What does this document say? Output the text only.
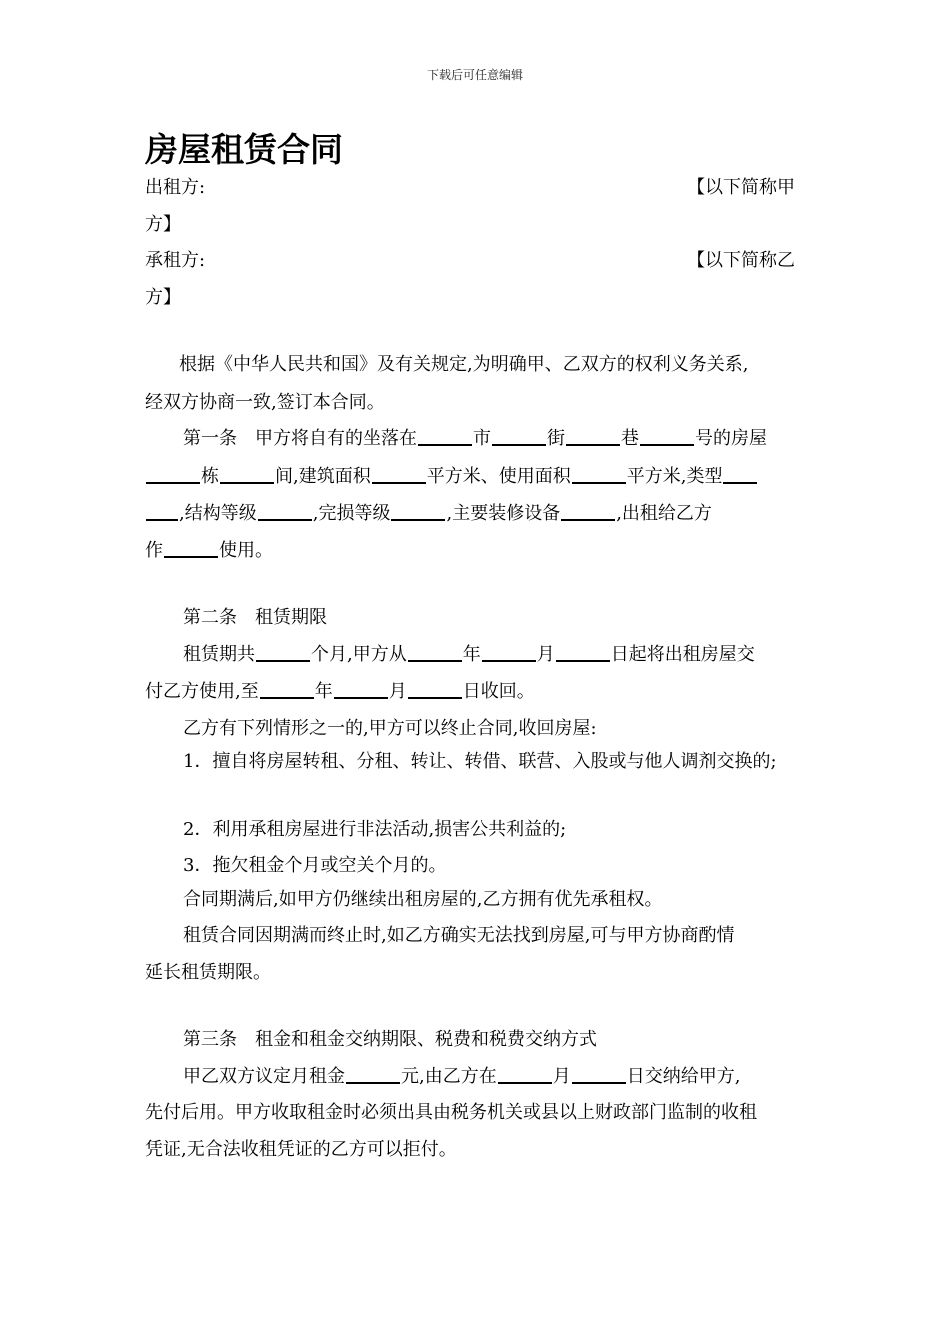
下载后可任意编辑
房屋租赁合同
出租方:	【以下简称甲
方】
承租方:	【以下简称乙
方】
根据《中华人民共和国》及有关规定,为明确甲、乙双方的权利义务关系,
经双方协商一致,签订本合同。
第一条　甲方将自有的坐落在	市	街	巷	号的房屋
栋	间,建筑面积	平方米、使用面积	平方米,类型
,结构等级	,完损等级	,主要装修设备	,出租给乙方
作	使用。
第二条　租赁期限
租赁期共	个月,甲方从	年	月	日起将出租房屋交
付乙方使用,至	年	月	日收回。
乙方有下列情形之一的,甲方可以终止合同,收回房屋:
1．擅自将房屋转租、分租、转让、转借、联营、入股或与他人调剂交换的;
2．利用承租房屋进行非法活动,损害公共利益的;
3．拖欠租金个月或空关个月的。
合同期满后,如甲方仍继续出租房屋的,乙方拥有优先承租权。
租赁合同因期满而终止时,如乙方确实无法找到房屋,可与甲方协商酌情
延长租赁期限。
第三条　租金和租金交纳期限、税费和税费交纳方式
甲乙双方议定月租金	元,由乙方在	月	日交纳给甲方,
先付后用。甲方收取租金时必须出具由税务机关或县以上财政部门监制的收租
凭证,无合法收租凭证的乙方可以拒付。
